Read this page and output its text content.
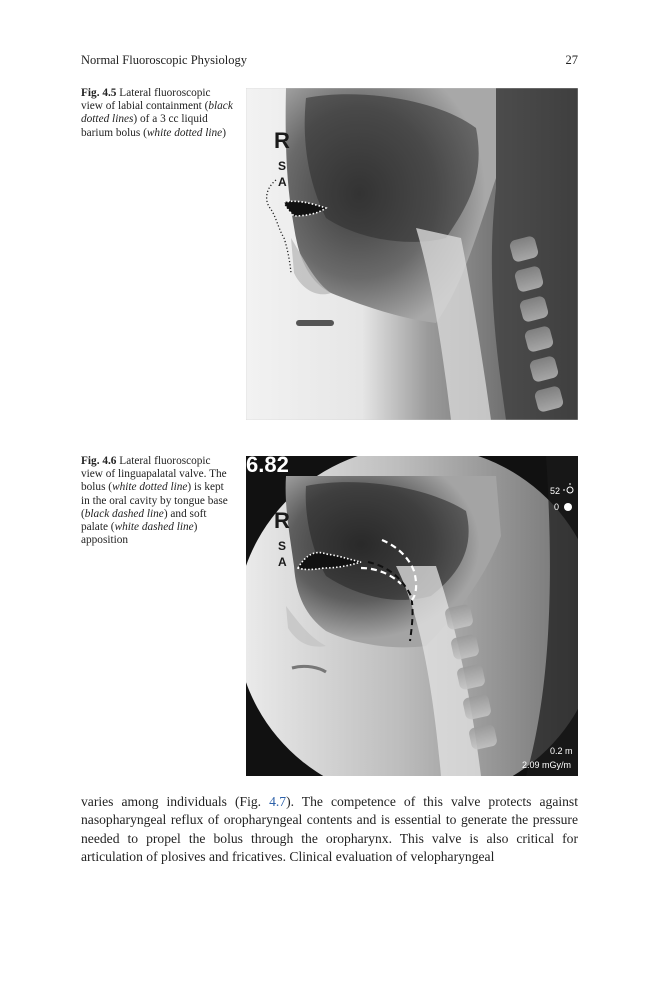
Normal Fluoroscopic Physiology	27
Fig. 4.5 Lateral fluoroscopic view of labial containment (black dotted lines) of a 3 cc liquid barium bolus (white dotted line)	R
S
A
Fig. 4.6 Lateral fluoroscopic view of linguapalatal valve. The bolus (white dotted line) is kept in the oral cavity by tongue base (black dashed line) and soft palate (white dashed line) apposition
6.82
52
0
0.2 m
2.09 mGy/m
R
S
A

varies among individuals (Fig. 4.7). The competence of this valve protects against nasopharyngeal reflux of oropharyngeal contents and is essential to generate the pressure needed to propel the bolus through the oropharynx. This valve is also critical for articulation of plosives and fricatives. Clinical evaluation of velopharyngeal
